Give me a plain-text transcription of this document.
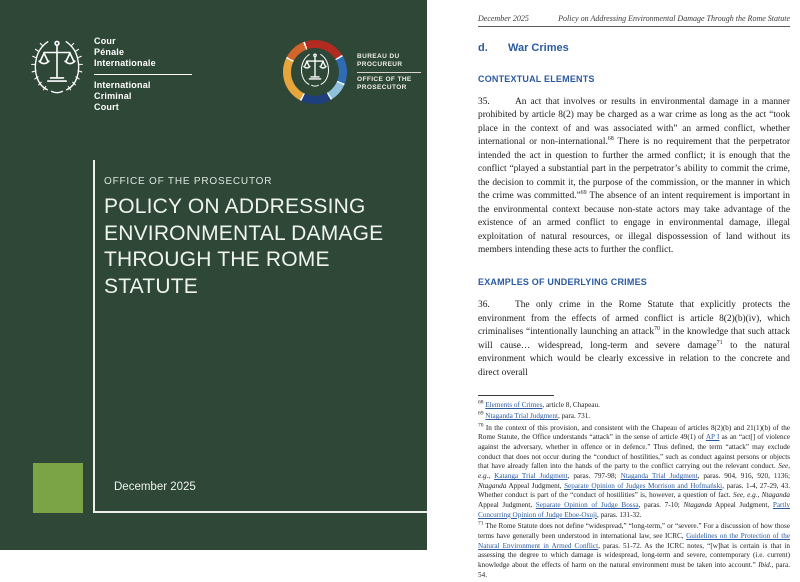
Cour
Pénale
Internationale
International
Criminal
Court
BUREAU DU PROCUREUR
OFFICE OF THE PROSECUTOR
OFFICE OF THE PROSECUTOR
POLICY ON ADDRESSING
ENVIRONMENTAL DAMAGE
THROUGH THE ROME STATUTE
December 2025
December 2025	Policy on Addressing Environmental Damage Through the Rome Statute
d.	War Crimes
CONTEXTUAL ELEMENTS

35.	An act that involves or results in environmental damage in a manner prohibited by article 8(2) may be charged as a war crime as long as the act “took place in the context of and was associated with” an armed conflict, whether international or non-international.$^{68}$ There is no requirement that the perpetrator intended the act in question to further the armed conflict; it is enough that the conflict “played a substantial part in the perpetrator’s ability to commit the crime, the decision to commit it, the purpose of the commission, or the manner in which the crime was committed.”$^{69}$ The absence of an intent requirement is important in the environmental context because non-state actors may take advantage of the existence of an armed conflict to engage in environmental damage, illegal exploitation of natural resources, or illegal dispossession of land without its members intending these acts to further the conflict.

EXAMPLES OF UNDERLYING CRIMES

36.	The only crime in the Rome Statute that explicitly protects the environment from the effects of armed conflict is article 8(2)(b)(iv), which criminalises “intentionally launching an attack$^{70}$ in the knowledge that such attack will cause… widespread, long-term and severe damage$^{71}$ to the natural environment which would be clearly excessive in relation to the concrete and direct overall

$^{68}$ Elements of Crimes, article 8, Chapeau.
$^{69}$ Ntaganda Trial Judgment, para. 731.
$^{70}$ In the context of this provision, and consistent with the Chapeau of articles 8(2)(b) and 21(1)(b) of the Rome Statute, the Office understands “attack” in the sense of article 49(1) of AP I as an “act[] of violence against the adversary, whether in offence or in defence.” Thus defined, the term “attack” may exclude conduct that does not occur during the “conduct of hostilities,” such as conduct against persons or objects that have already fallen into the hands of the party to the conflict carrying out the relevant conduct. See, e.g., Katanga Trial Judgment, paras. 797-98; Ntaganda Trial Judgment, paras. 904, 916, 920, 1136; Ntaganda Appeal Judgment, Separate Opinion of Judges Morrison and Hofmański, paras. 1-4, 27-29, 43. Whether conduct is part of the “conduct of hostilities” is, however, a question of fact. See, e.g., Ntaganda Appeal Judgment, Separate Opinion of Judge Bossa, paras. 7-10; Ntaganda Appeal Judgment, Partly Concurring Opinion of Judge Eboe-Osuji, paras. 131-32.
$^{71}$ The Rome Statute does not define “widespread,” “long-term,” or “severe.” For a discussion of how those terms have generally been understood in international law, see ICRC, Guidelines on the Protection of the Natural Environment in Armed Conflict, paras. 51-72. As the ICRC notes, “[w]hat is certain is that in assessing the degree to which damage is widespread, long-term and severe, contemporary (i.e. current) knowledge about the effects of harm on the natural environment must be taken into account.” Ibid., para. 54.
